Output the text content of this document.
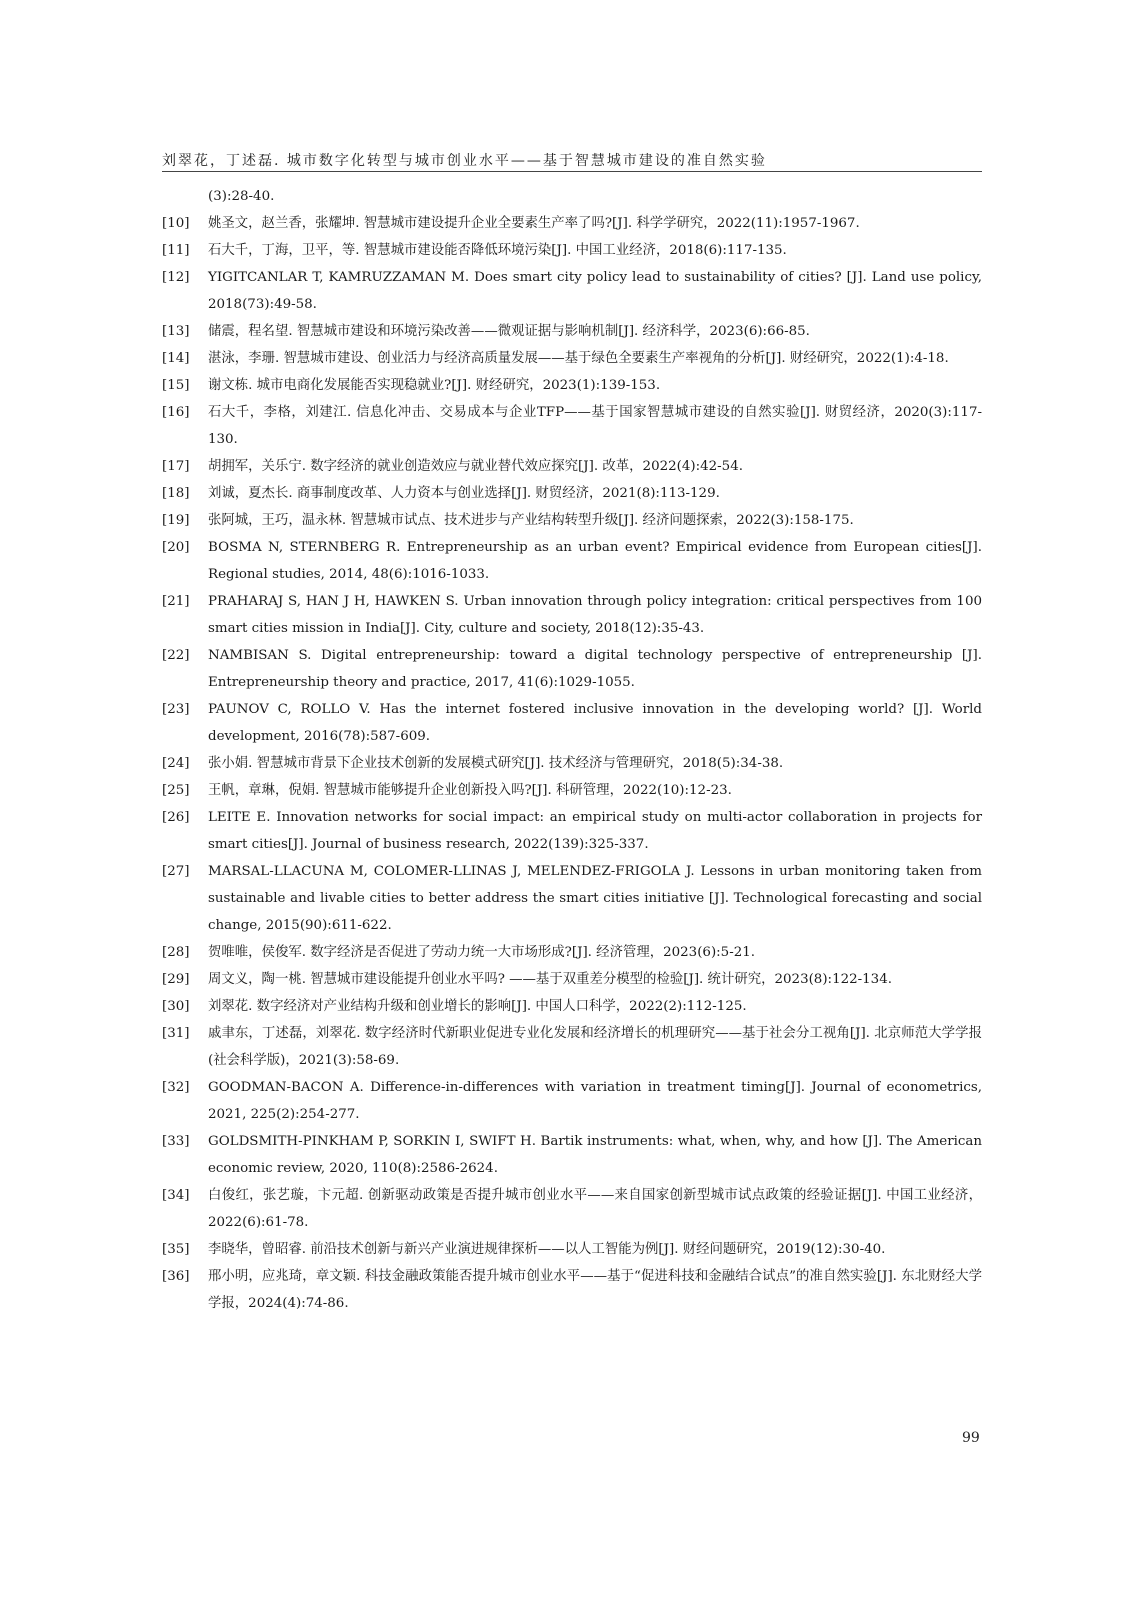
刘翠花，丁述磊. 城市数字化转型与城市创业水平——基于智慧城市建设的准自然实验
(3):28-40.
[10] 姚圣文，赵兰香，张耀坤. 智慧城市建设提升企业全要素生产率了吗?[J]. 科学学研究，2022(11):1957-1967.
[11] 石大千，丁海，卫平，等. 智慧城市建设能否降低环境污染[J]. 中国工业经济，2018(6):117-135.
[12] YIGITCANLAR T, KAMRUZZAMAN M. Does smart city policy lead to sustainability of cities? [J]. Land use policy, 2018(73):49-58.
[13] 储震，程名望. 智慧城市建设和环境污染改善——微观证据与影响机制[J]. 经济科学，2023(6):66-85.
[14] 湛泳，李珊. 智慧城市建设、创业活力与经济高质量发展——基于绿色全要素生产率视角的分析[J]. 财经研究，2022(1):4-18.
[15] 谢文栋. 城市电商化发展能否实现稳就业?[J]. 财经研究，2023(1):139-153.
[16] 石大千，李格，刘建江. 信息化冲击、交易成本与企业TFP——基于国家智慧城市建设的自然实验[J]. 财贸经济，2020(3):117-130.
[17] 胡拥军，关乐宁. 数字经济的就业创造效应与就业替代效应探究[J]. 改革，2022(4):42-54.
[18] 刘诚，夏杰长. 商事制度改革、人力资本与创业选择[J]. 财贸经济，2021(8):113-129.
[19] 张阿城，王巧，温永林. 智慧城市试点、技术进步与产业结构转型升级[J]. 经济问题探索，2022(3):158-175.
[20] BOSMA N, STERNBERG R. Entrepreneurship as an urban event? Empirical evidence from European cities[J]. Regional studies, 2014, 48(6):1016-1033.
[21] PRAHARAJ S, HAN J H, HAWKEN S. Urban innovation through policy integration: critical perspectives from 100 smart cities mission in India[J]. City, culture and society, 2018(12):35-43.
[22] NAMBISAN S. Digital entrepreneurship: toward a digital technology perspective of entrepreneurship [J]. Entrepreneurship theory and practice, 2017, 41(6):1029-1055.
[23] PAUNOV C, ROLLO V. Has the internet fostered inclusive innovation in the developing world? [J]. World development, 2016(78):587-609.
[24] 张小娟. 智慧城市背景下企业技术创新的发展模式研究[J]. 技术经济与管理研究，2018(5):34-38.
[25] 王帆，章琳，倪娟. 智慧城市能够提升企业创新投入吗?[J]. 科研管理，2022(10):12-23.
[26] LEITE E. Innovation networks for social impact: an empirical study on multi-actor collaboration in projects for smart cities[J]. Journal of business research, 2022(139):325-337.
[27] MARSAL-LLACUNA M, COLOMER-LLINAS J, MELENDEZ-FRIGOLA J. Lessons in urban monitoring taken from sustainable and livable cities to better address the smart cities initiative [J]. Technological forecasting and social change, 2015(90):611-622.
[28] 贺唯唯，侯俊军. 数字经济是否促进了劳动力统一大市场形成?[J]. 经济管理，2023(6):5-21.
[29] 周文义，陶一桃. 智慧城市建设能提升创业水平吗? ——基于双重差分模型的检验[J]. 统计研究，2023(8):122-134.
[30] 刘翠花. 数字经济对产业结构升级和创业增长的影响[J]. 中国人口科学，2022(2):112-125.
[31] 戚聿东，丁述磊，刘翠花. 数字经济时代新职业促进专业化发展和经济增长的机理研究——基于社会分工视角[J]. 北京师范大学学报(社会科学版)，2021(3):58-69.
[32] GOODMAN-BACON A. Difference-in-differences with variation in treatment timing[J]. Journal of econometrics, 2021, 225(2):254-277.
[33] GOLDSMITH-PINKHAM P, SORKIN I, SWIFT H. Bartik instruments: what, when, why, and how [J]. The American economic review, 2020, 110(8):2586-2624.
[34] 白俊红，张艺璇，卞元超. 创新驱动政策是否提升城市创业水平——来自国家创新型城市试点政策的经验证据[J]. 中国工业经济，2022(6):61-78.
[35] 李晓华，曾昭睿. 前沿技术创新与新兴产业演进规律探析——以人工智能为例[J]. 财经问题研究，2019(12):30-40.
[36] 邢小明，应兆琦，章文颖. 科技金融政策能否提升城市创业水平——基于“促进科技和金融结合试点”的准自然实验[J]. 东北财经大学学报，2024(4):74-86.
99
